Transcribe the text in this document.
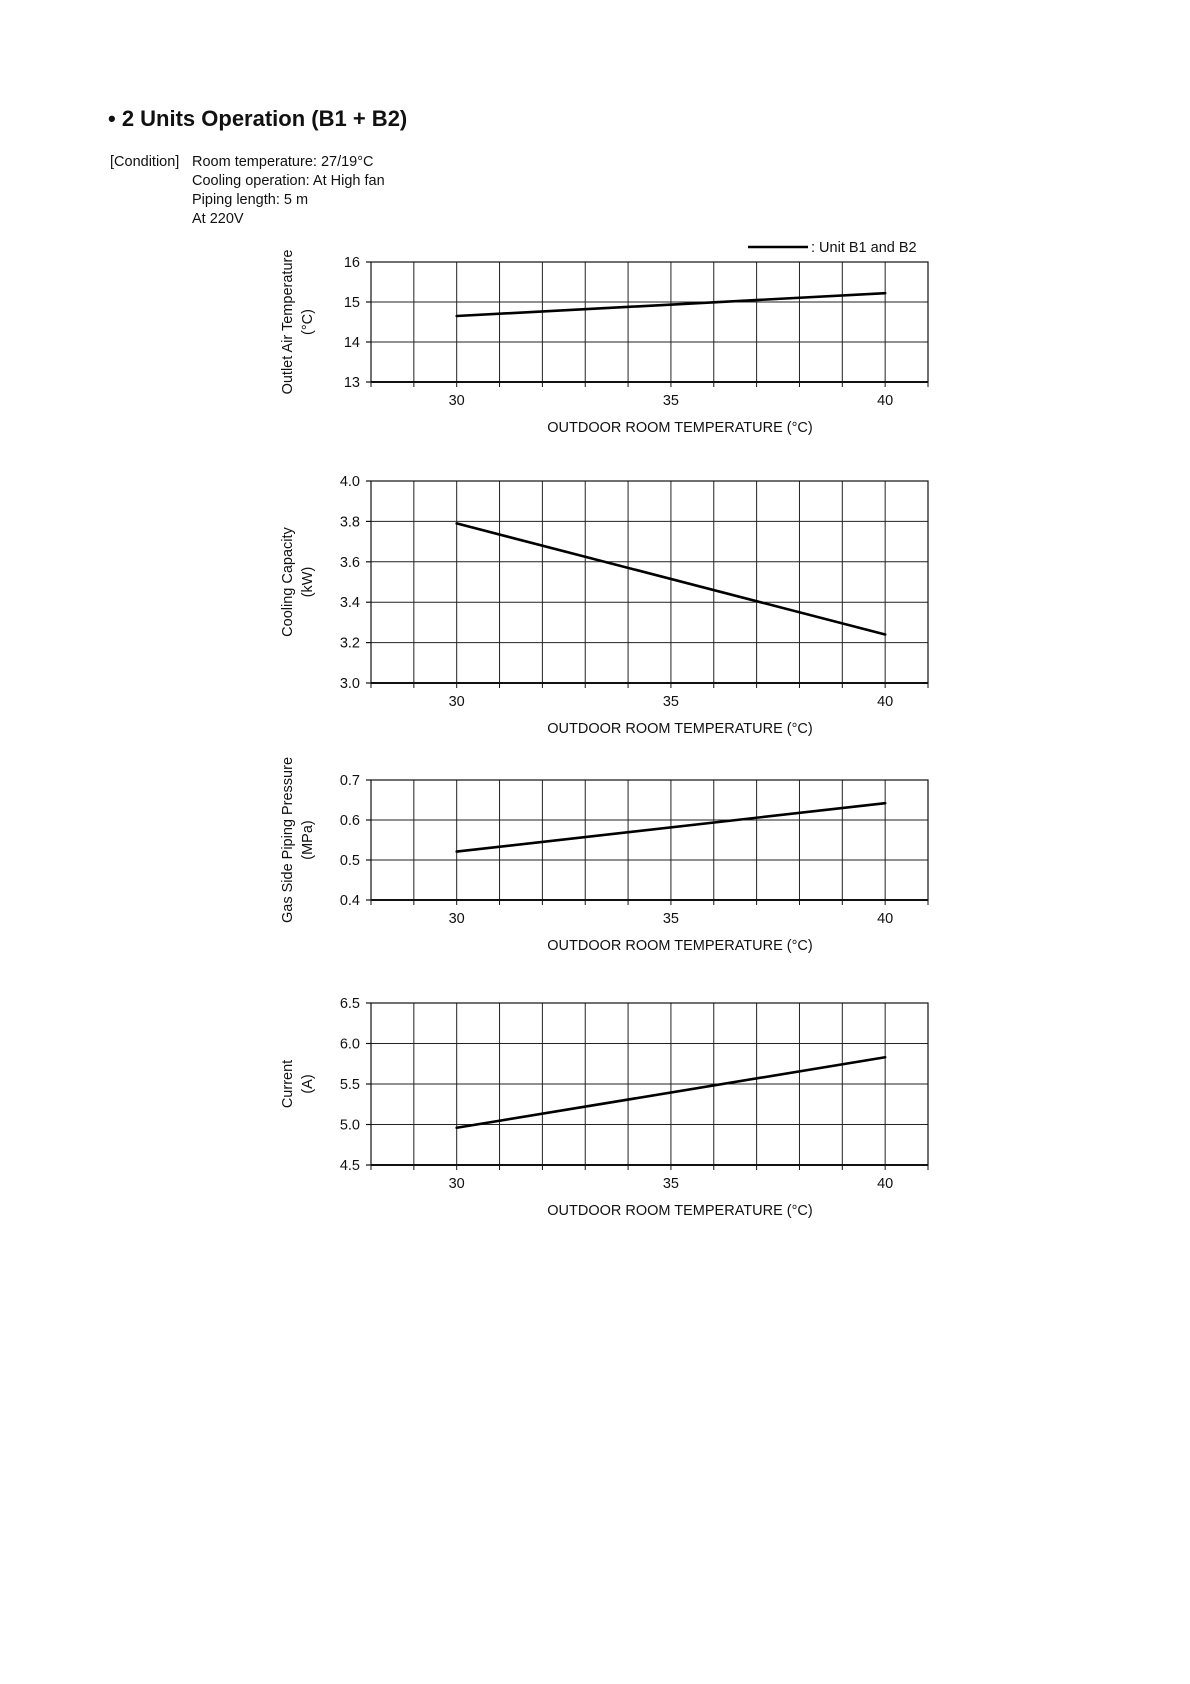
• 2 Units Operation (B1 + B2)
[Condition] Room temperature: 27/19°C
Cooling operation: At High fan
Piping length: 5 m
At 220V
: Unit B1 and B2
13
14
15
16
30	35	40
OUTDOOR ROOM TEMPERATURE (°C)
Outlet Air Temperature (°C)
3.0
3.2
3.4
3.6
3.8
4.0
30	35	40
OUTDOOR ROOM TEMPERATURE (°C)
Cooling Capacity (kW)
0.4
0.5
0.6
0.7
30	35	40
OUTDOOR ROOM TEMPERATURE (°C)
Gas Side Piping Pressure (MPa)
4.5
5.0
5.5
6.0
6.5
30	35	40
OUTDOOR ROOM TEMPERATURE (°C)
Current (A)
